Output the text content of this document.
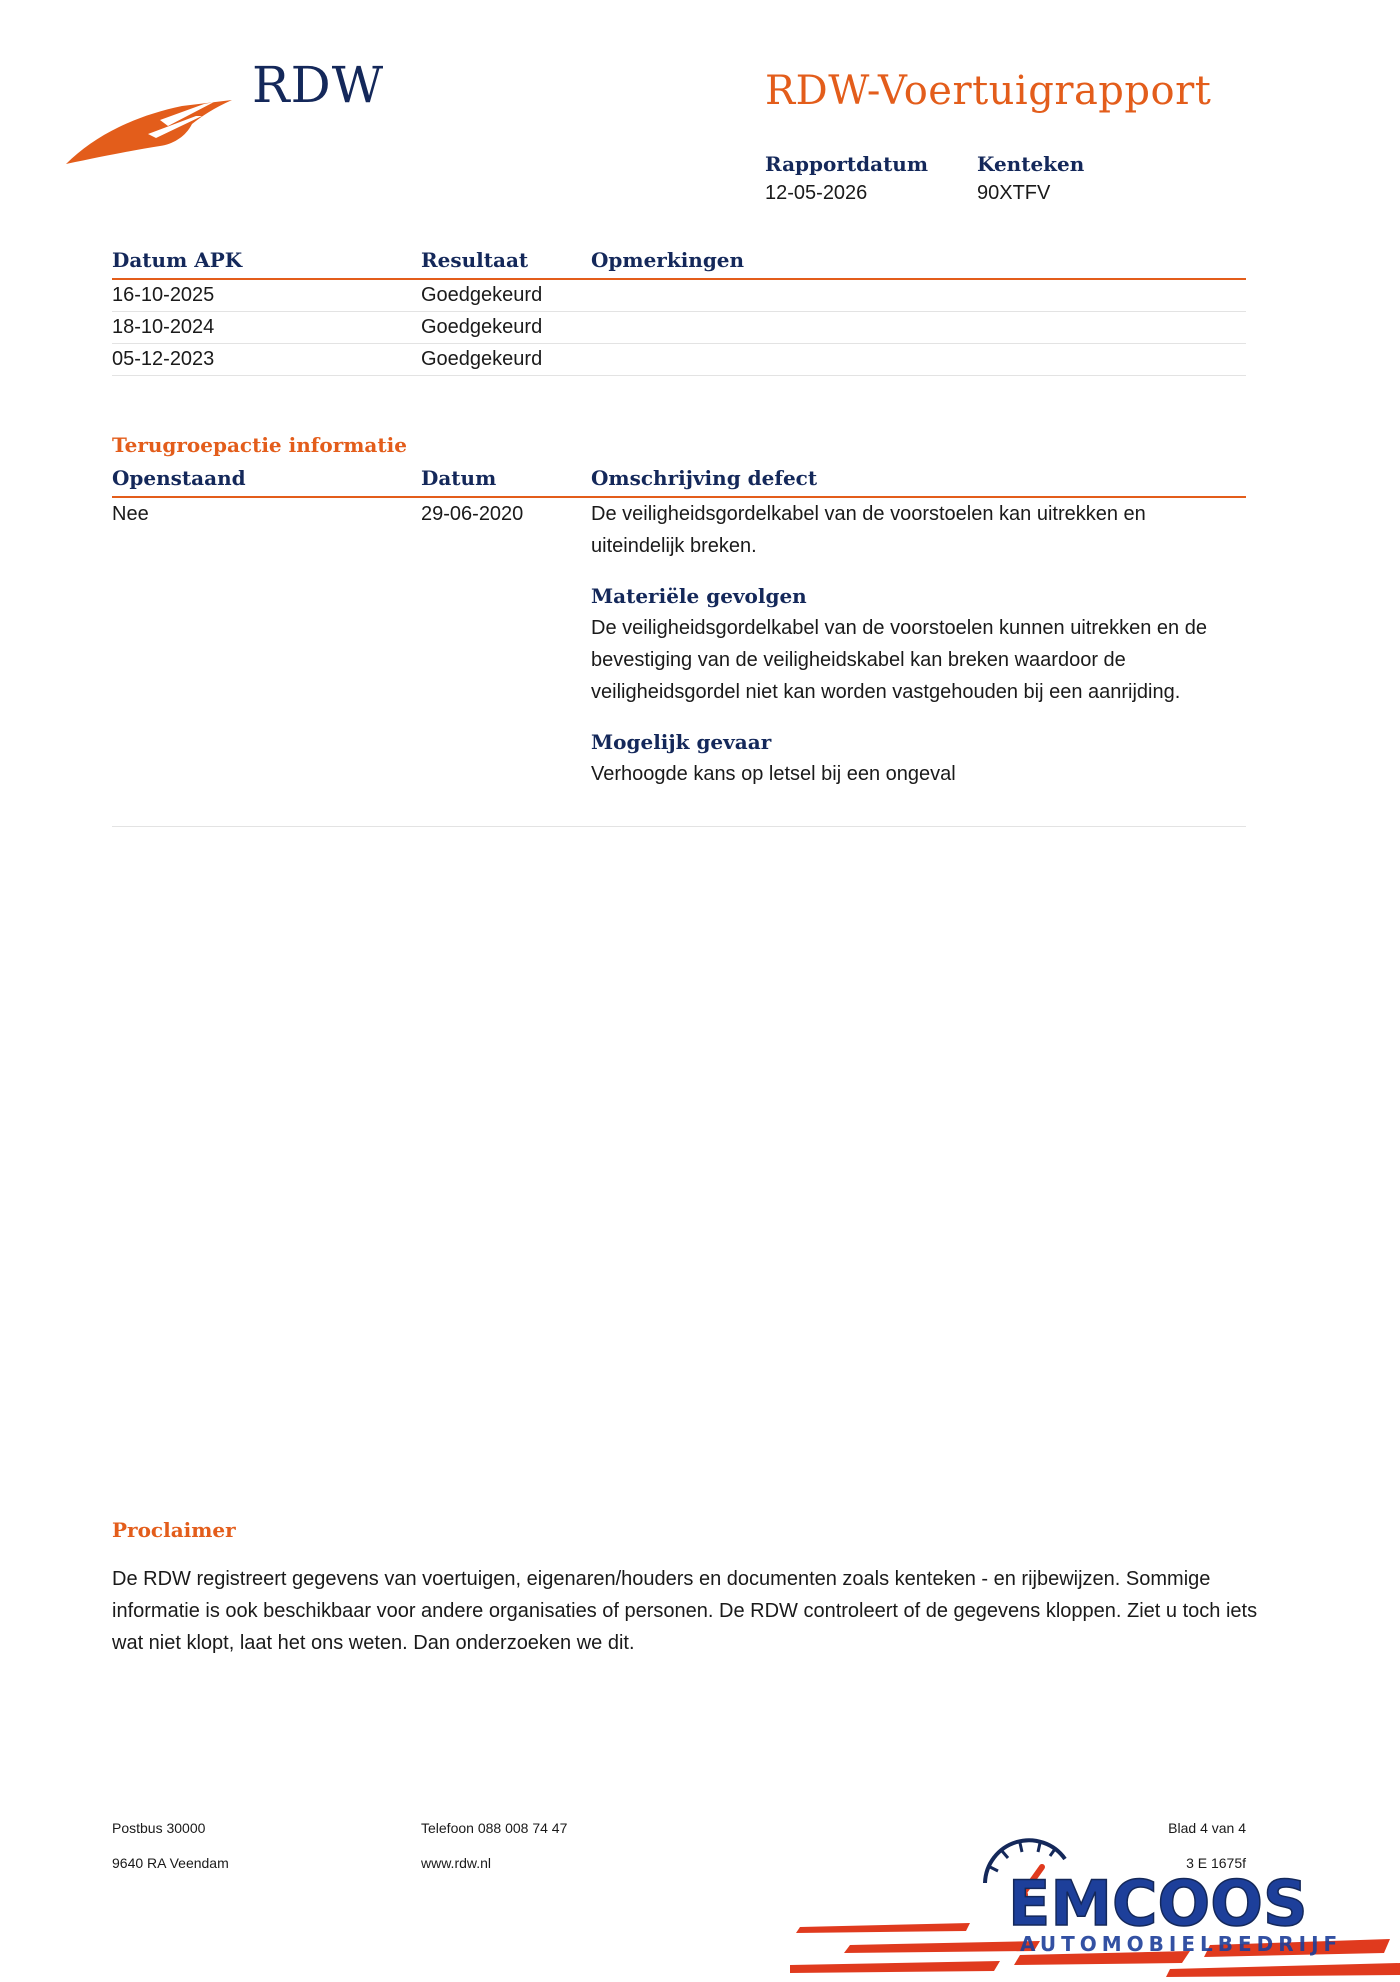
RDW	RDW-Voertuigrapport
Rapportdatum
12-05-2026
Kenteken
90XTFV
Datum APK	Resultaat	Opmerkingen
16-10-2025	Goedgekeurd
18-10-2024	Goedgekeurd
05-12-2023	Goedgekeurd
Terugroepactie informatie
Openstaand	Datum	Omschrijving defect
Nee	29-06-2020	De veiligheidsgordelkabel van de voorstoelen kan uitrekken en uiteindelijk breken.

Materiële gevolgen

De veiligheidsgordelkabel van de voorstoelen kunnen uitrekken en de bevestiging van de veiligheidskabel kan breken waardoor de veiligheidsgordel niet kan worden vastgehouden bij een aanrijding.

Mogelijk gevaar

Verhoogde kans op letsel bij een ongeval

Proclaimer

De RDW registreert gegevens van voertuigen, eigenaren/houders en documenten zoals kenteken - en rijbewijzen. Sommige informatie is ook beschikbaar voor andere organisaties of personen. De RDW controleert of de gegevens kloppen. Ziet u toch iets wat niet klopt, laat het ons weten. Dan onderzoeken we dit.

Postbus 30000
9640 RA Veendam
Telefoon 088 008 74 47
www.rdw.nl
Blad 4 van 4
3 E 1675f
EMCOOS
AUTOMOBIELBEDRIJF
